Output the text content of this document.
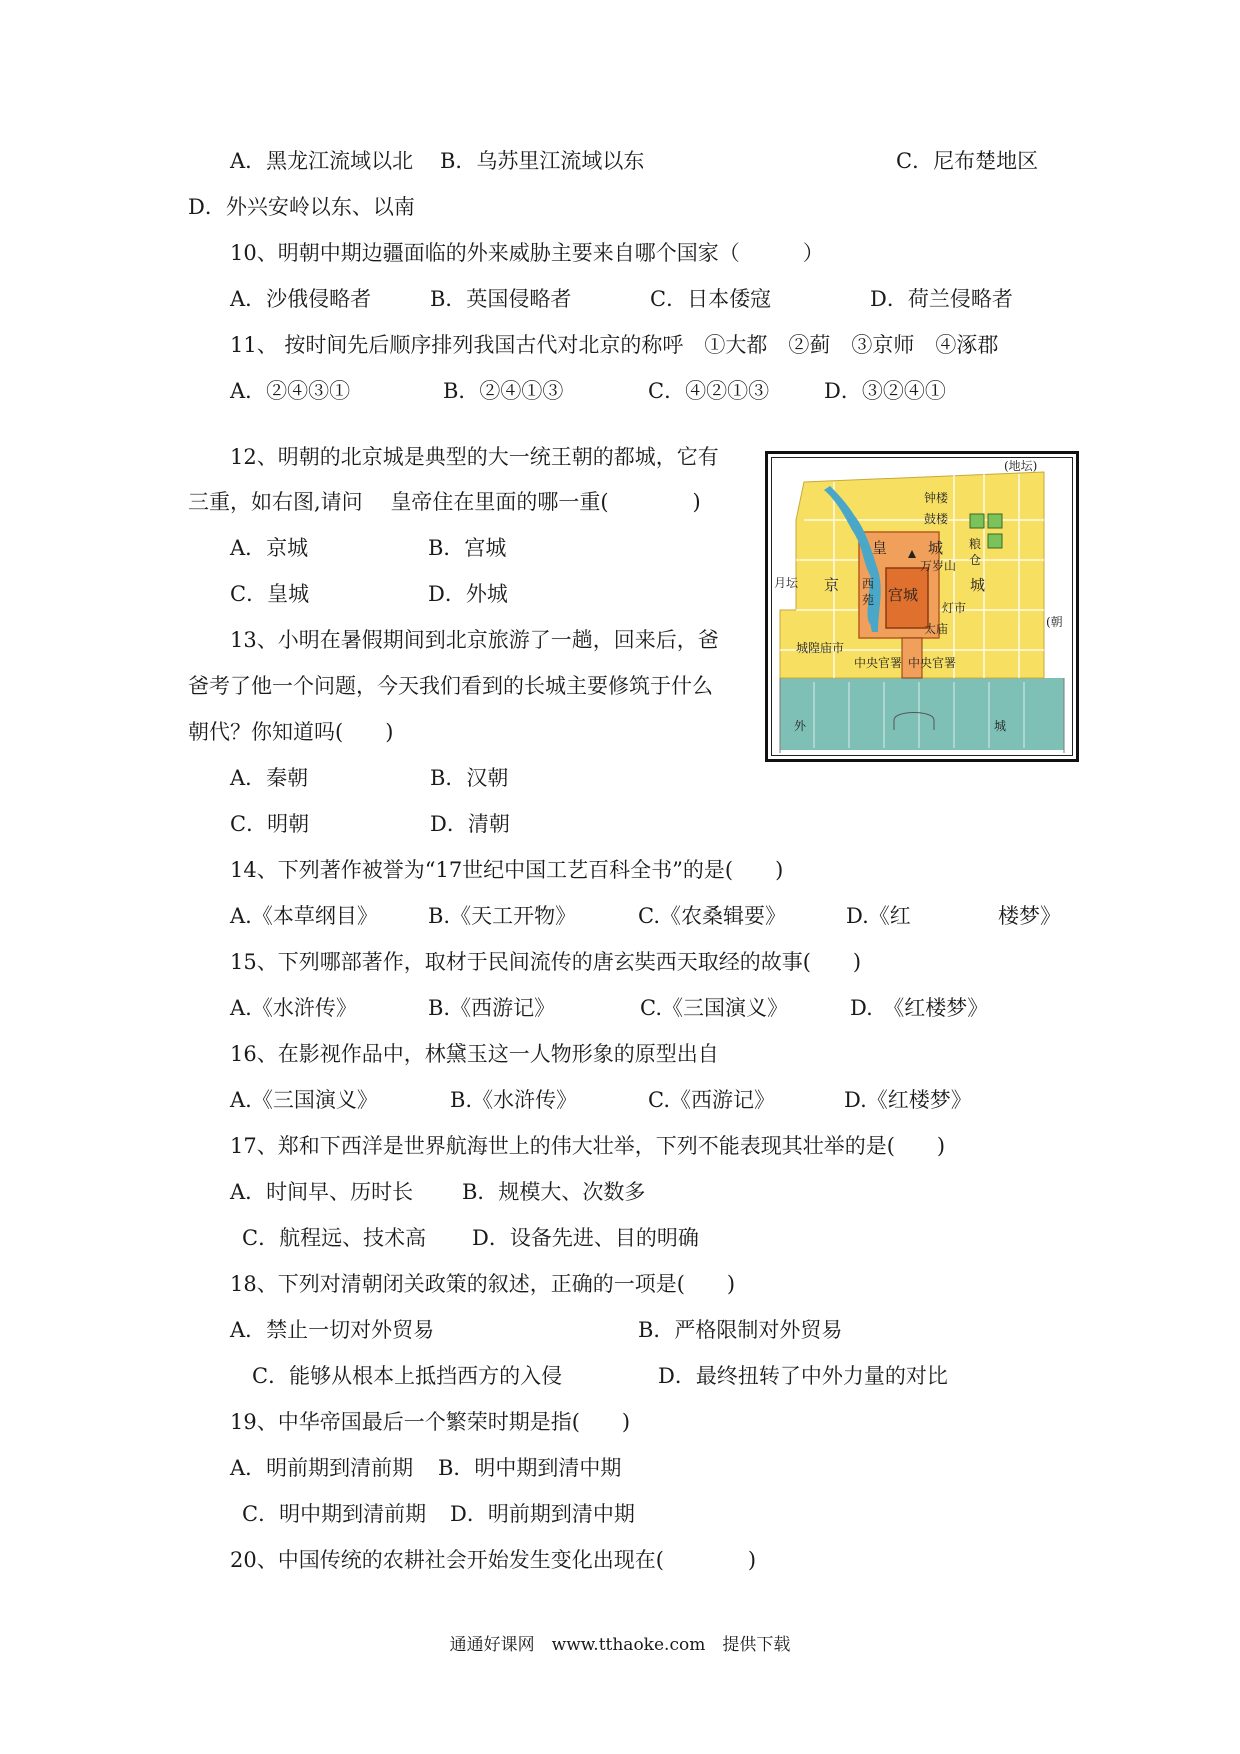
A．黑龙江流域以北 B．乌苏里江流域以东	C．尼布楚地区
D．外兴安岭以东、以南
10、明朝中期边疆面临的外来威胁主要来自哪个国家（　　　）
A．沙俄侵略者	B．英国侵略者	C．日本倭寇	D．荷兰侵略者
11、 按时间先后顺序排列我国古代对北京的称呼　①大都　②蓟　③京师　④涿郡
A．②④③①	B．②④①③	C．④②①③	D．③②④①
12、明朝的北京城是典型的大一统王朝的都城，它有
三重，如右图,请问　 皇帝住在里面的哪一重(　　　　)
A．京城	B．宫城
C．皇城	D．外城
13、小明在暑假期间到北京旅游了一趟，回来后，爸
爸考了他一个问题，今天我们看到的长城主要修筑于什么
朝代？你知道吗(　　)
A．秦朝	B．汉朝
C．明朝	D．清朝
14、下列著作被誉为“17世纪中国工艺百科全书”的是(　　)
A.《本草纲目》 B.《天工开物》	C.《农桑辑要》	D.《红	楼梦》
15、下列哪部著作，取材于民间流传的唐玄奘西天取经的故事(　　)
A.《水浒传》	B.《西游记》	C.《三国演义》	D.　《红楼梦》
16、在影视作品中，林黛玉这一人物形象的原型出自
A.《三国演义》	B.《水浒传》	C.《西游记》	D.《红楼梦》
17、郑和下西洋是世界航海世上的伟大壮举，下列不能表现其壮举的是(　　)
A．时间早、历时长 B．规模大、次数多
C．航程远、技术高 D．设备先进、目的明确
18、下列对清朝闭关政策的叙述，正确的一项是(　　)
A．禁止一切对外贸易	B．严格限制对外贸易
C．能够从根本上抵挡西方的入侵	D．最终扭转了中外力量的对比
19、中华帝国最后一个繁荣时期是指(　　)
A．明前期到清前期 B．明中期到清中期
C．明中期到清前期 D．明前期到清中期
20、中国传统的农耕社会开始发生变化出现在(　　　　)
(地坛)
钟楼
鼓楼
皇	城
万岁山
粮
仓
京	城
西
苑 宫城
灯市
月坛
城隍庙市
太庙
中央官署 中央官署
(朝
外	城
通通好课网　www.tthaoke.com　提供下载
